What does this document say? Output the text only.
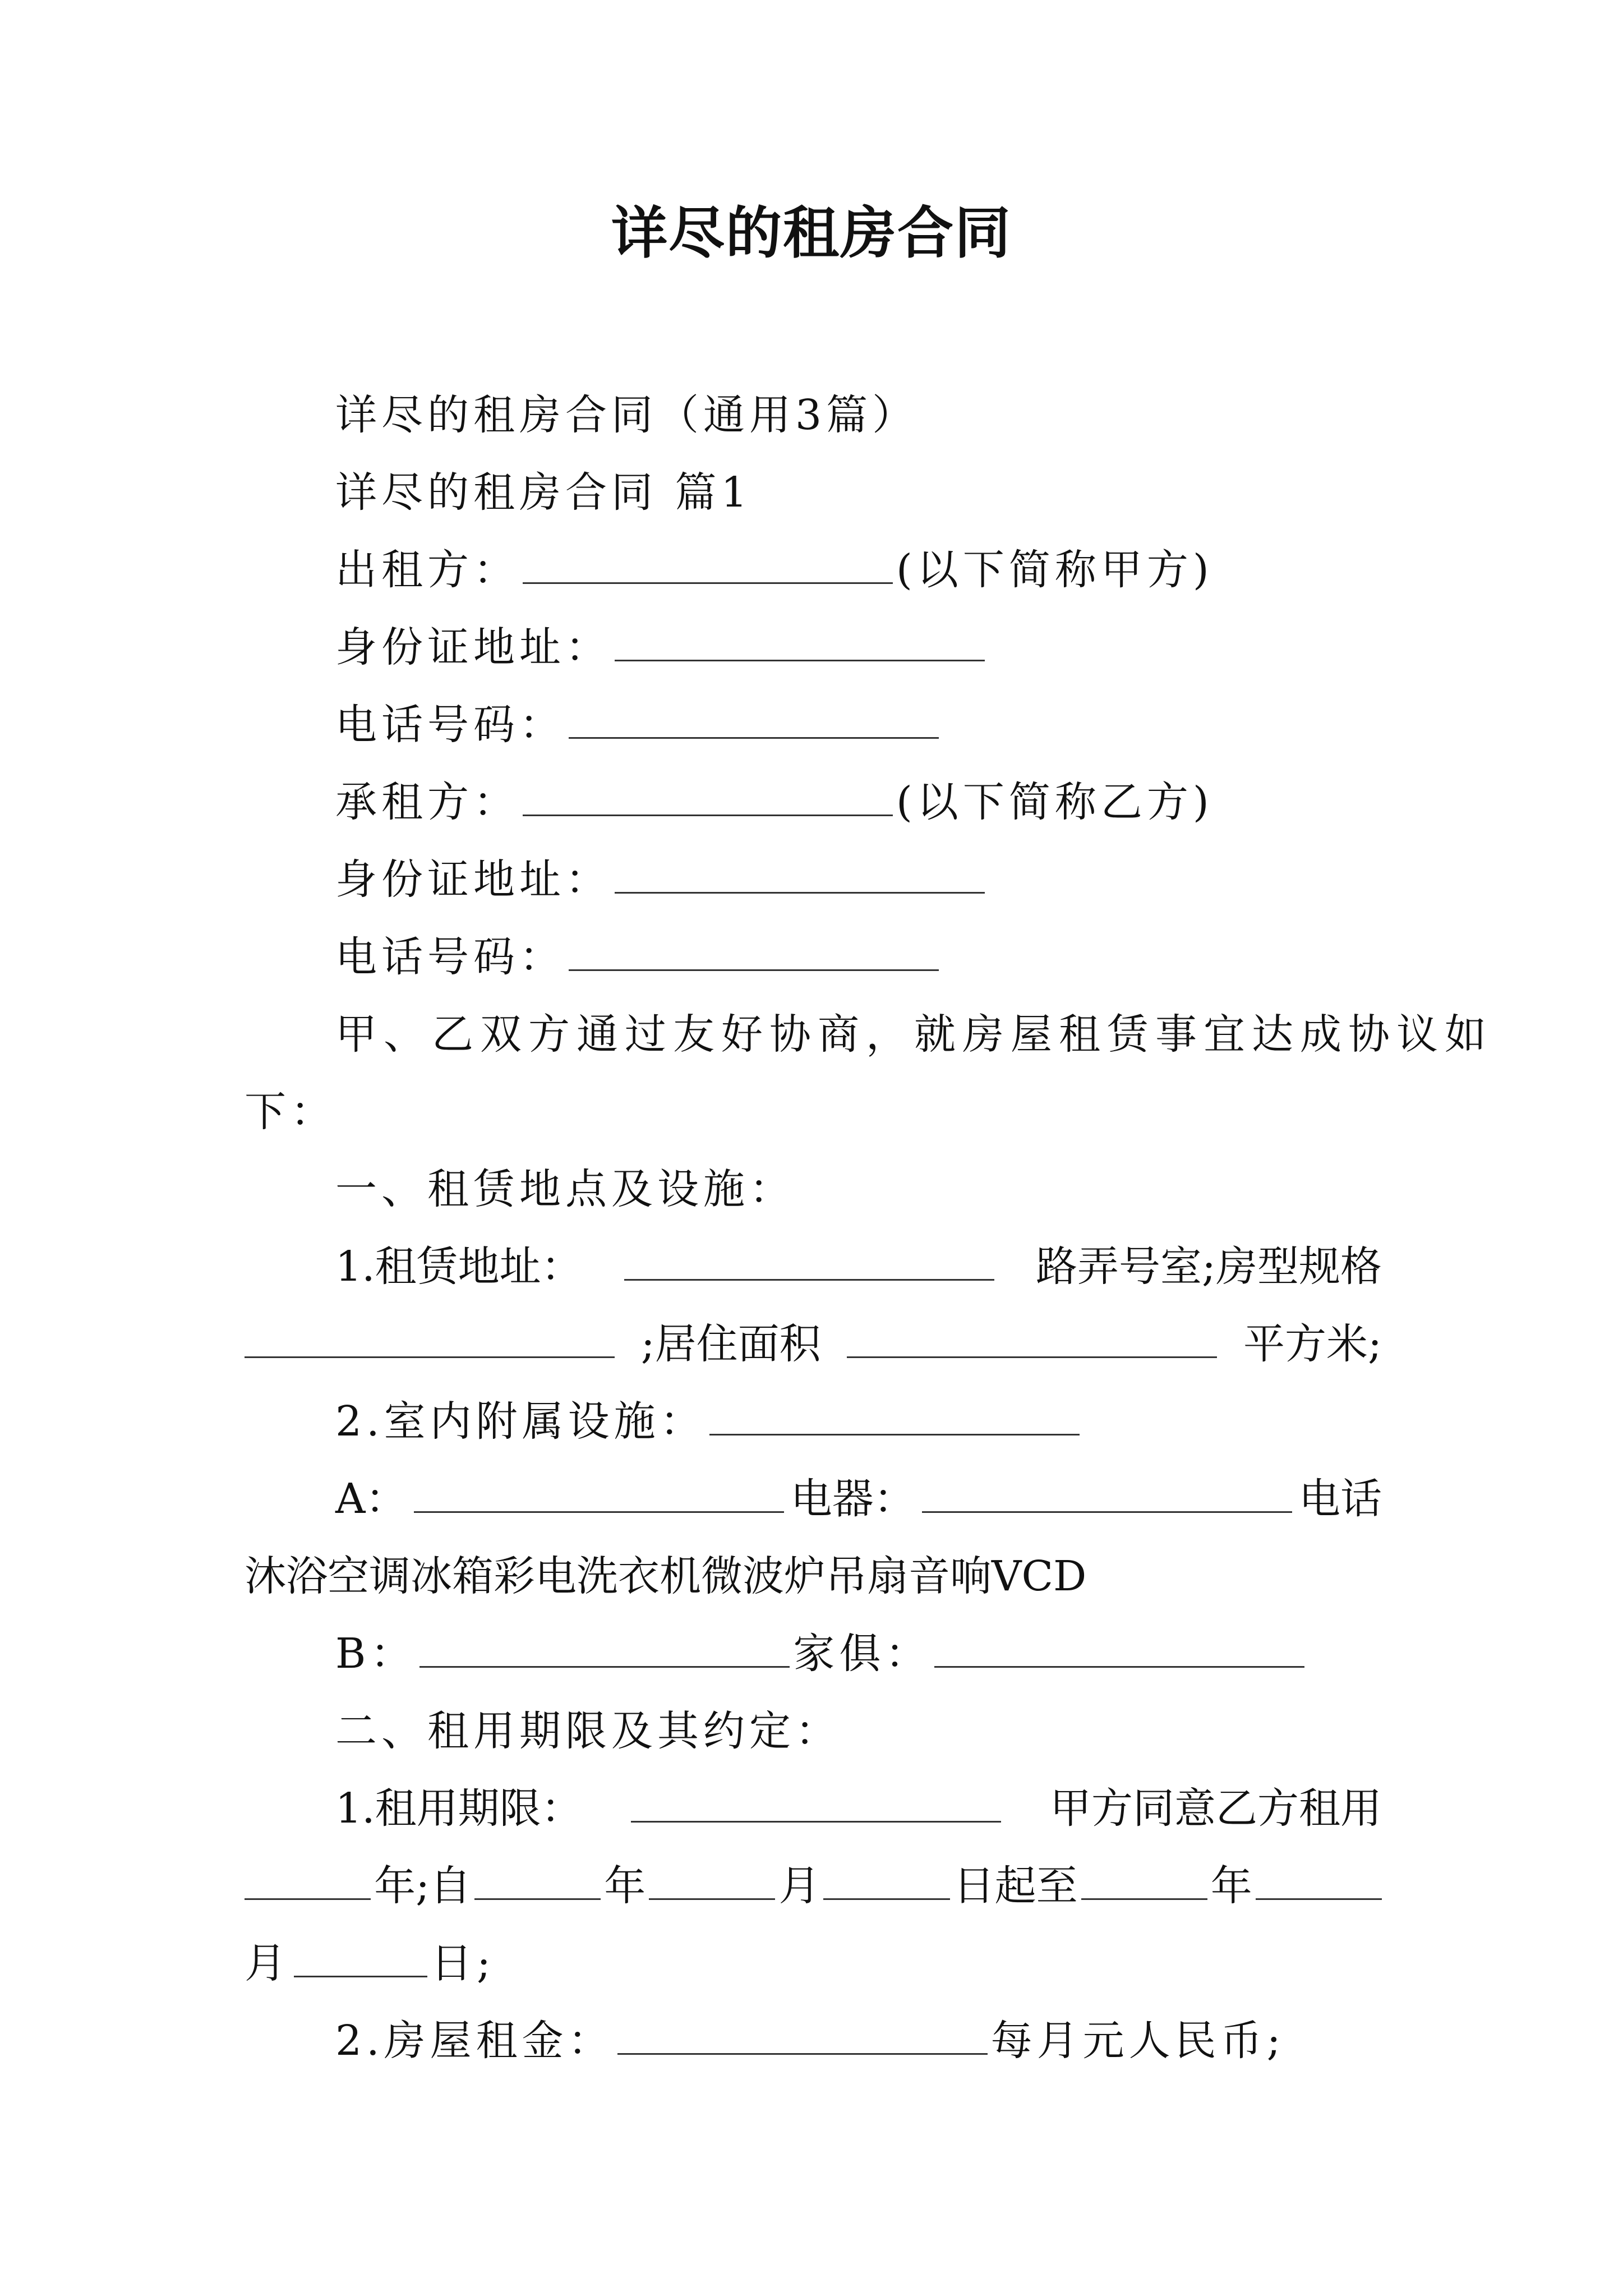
详尽的租房合同
详尽的租房合同（通用3篇）
详尽的租房合同 篇1
出租方：	(以下简称甲方)
身份证地址：
电话号码：
承租方：	(以下简称乙方)
身份证地址：
电话号码：
甲、乙双方通过友好协商，就房屋租赁事宜达成协议如
下：
一、租赁地点及设施：
1.租赁地址：	路弄号室;房型规格
;居住面积	平方米;
2.室内附属设施：
A：	电器：	电话
沐浴空调冰箱彩电洗衣机微波炉吊扇音响VCD
B：	家俱：
二、租用期限及其约定：
1.租用期限：	甲方同意乙方租用
年;自	年	月	日起至	年
月	日;
2.房屋租金：	每月元人民币;
